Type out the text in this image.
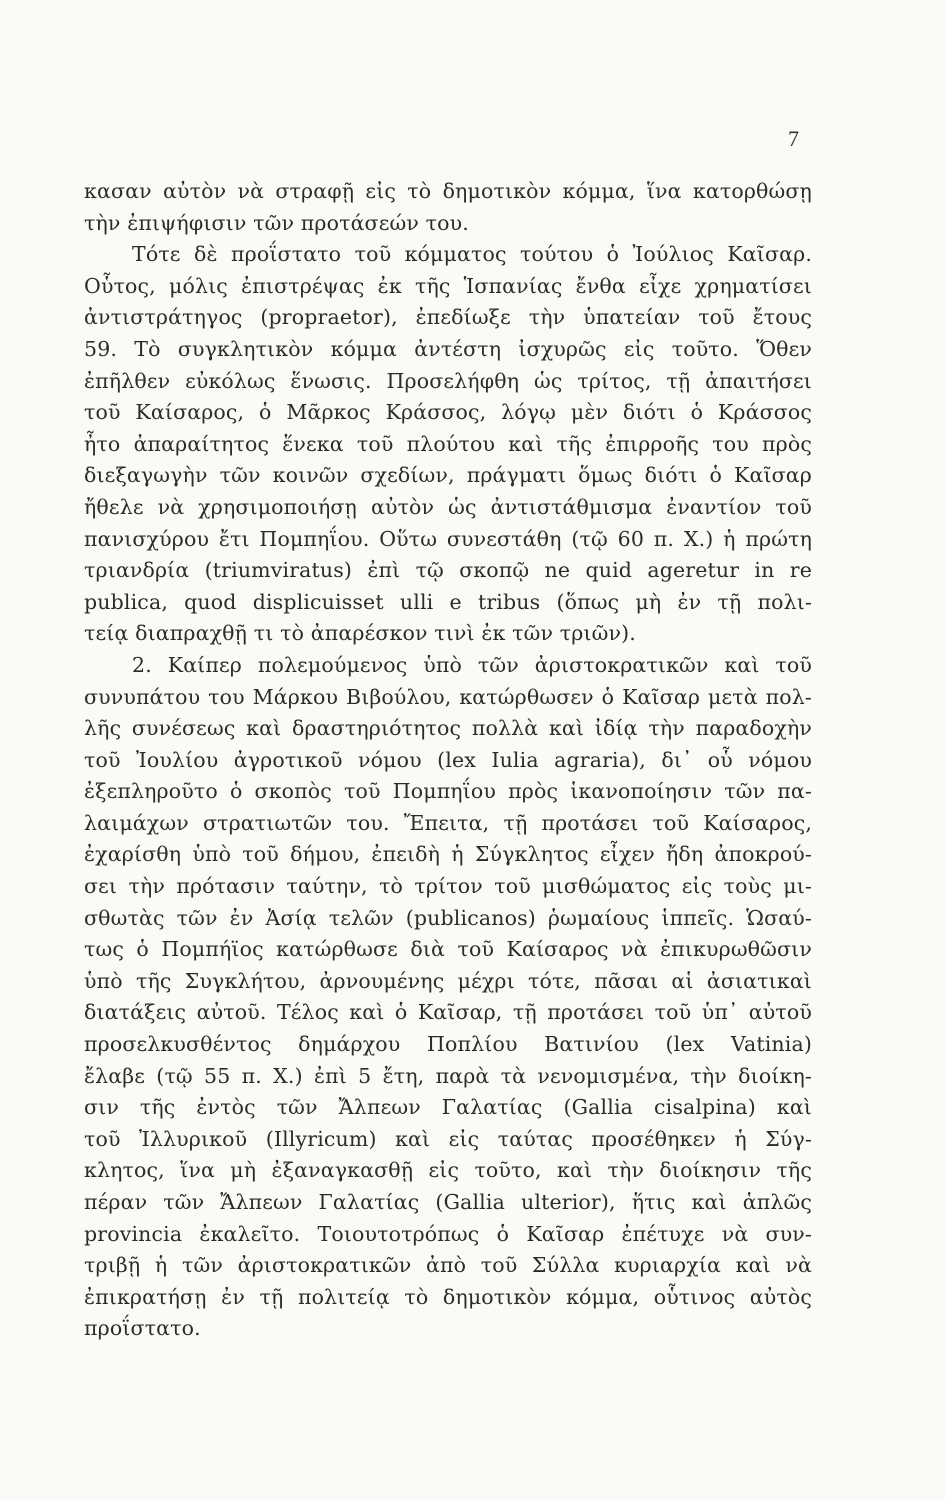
7
κασαν αὐτὸν νὰ στραφῇ εἰς τὸ δημοτικὸν κόμμα, ἵνα κατορθώσῃ
τὴν ἐπιψήφισιν τῶν προτάσεών του.
Τότε δὲ προΐστατο τοῦ κόμματος τούτου ὁ Ἰούλιος Καῖσαρ.
Οὗτος, μόλις ἐπιστρέψας ἐκ τῆς Ἱσπανίας ἔνθα εἶχε χρηματίσει
ἀντιστράτηγος (propraetor), ἐπεδίωξε τὴν ὑπατείαν τοῦ ἔτους
59. Τὸ συγκλητικὸν κόμμα ἀντέστη ἰσχυρῶς εἰς τοῦτο. Ὅθεν
ἐπῆλθεν εὐκόλως ἕνωσις. Προσελήφθη ὡς τρίτος, τῇ ἀπαιτήσει
τοῦ Καίσαρος, ὁ Μᾶρκος Κράσσος, λόγῳ μὲν διότι ὁ Κράσσος
ἦτο ἀπαραίτητος ἕνεκα τοῦ πλούτου καὶ τῆς ἐπιρροῆς του πρὸς
διεξαγωγὴν τῶν κοινῶν σχεδίων, πράγματι ὅμως διότι ὁ Καῖσαρ
ἤθελε νὰ χρησιμοποιήσῃ αὐτὸν ὡς ἀντιστάθμισμα ἐναντίον τοῦ
πανισχύρου ἔτι Πομπηΐου. Οὕτω συνεστάθη (τῷ 60 π. Χ.) ἡ πρώτη
τριανδρία (triumviratus) ἐπὶ τῷ σκοπῷ ne quid ageretur in re
publica, quod displicuisset ulli e tribus (ὅπως μὴ ἐν τῇ πολι-
τείᾳ διαπραχθῇ τι τὸ ἀπαρέσκον τινὶ ἐκ τῶν τριῶν).
2. Καίπερ πολεμούμενος ὑπὸ τῶν ἀριστοκρατικῶν καὶ τοῦ
συνυπάτου του Μάρκου Βιβούλου, κατώρθωσεν ὁ Καῖσαρ μετὰ πολ-
λῆς συνέσεως καὶ δραστηριότητος πολλὰ καὶ ἰδίᾳ τὴν παραδοχὴν
τοῦ Ἰουλίου ἀγροτικοῦ νόμου (lex Iulia agraria), δι᾽ οὗ νόμου
ἐξεπληροῦτο ὁ σκοπὸς τοῦ Πομπηΐου πρὸς ἱκανοποίησιν τῶν πα-
λαιμάχων στρατιωτῶν του. Ἔπειτα, τῇ προτάσει τοῦ Καίσαρος,
ἐχαρίσθη ὑπὸ τοῦ δήμου, ἐπειδὴ ἡ Σύγκλητος εἶχεν ἤδη ἀποκρού-
σει τὴν πρότασιν ταύτην, τὸ τρίτον τοῦ μισθώματος εἰς τοὺς μι-
σθωτὰς τῶν ἐν Ἀσίᾳ τελῶν (publicanos) ῥωμαίους ἱππεῖς. Ὡσαύ-
τως ὁ Πομπήϊος κατώρθωσε διὰ τοῦ Καίσαρος νὰ ἐπικυρωθῶσιν
ὑπὸ τῆς Συγκλήτου, ἀρνουμένης μέχρι τότε, πᾶσαι αἱ ἀσιατικαὶ
διατάξεις αὐτοῦ. Τέλος καὶ ὁ Καῖσαρ, τῇ προτάσει τοῦ ὑπ᾽ αὐτοῦ
προσελκυσθέντος δημάρχου Ποπλίου Βατινίου (lex Vatinia)
ἔλαβε (τῷ 55 π. Χ.) ἐπὶ 5 ἔτη, παρὰ τὰ νενομισμένα, τὴν διοίκη-
σιν τῆς ἐντὸς τῶν Ἄλπεων Γαλατίας (Gallia cisalpina) καὶ
τοῦ Ἰλλυρικοῦ (Illyricum) καὶ εἰς ταύτας προσέθηκεν ἡ Σύγ-
κλητος, ἵνα μὴ ἐξαναγκασθῇ εἰς τοῦτο, καὶ τὴν διοίκησιν τῆς
πέραν τῶν Ἄλπεων Γαλατίας (Gallia ulterior), ἥτις καὶ ἁπλῶς
provincia ἐκαλεῖτο. Τοιουτοτρόπως ὁ Καῖσαρ ἐπέτυχε νὰ συν-
τριβῇ ἡ τῶν ἀριστοκρατικῶν ἀπὸ τοῦ Σύλλα κυριαρχία καὶ νὰ
ἐπικρατήσῃ ἐν τῇ πολιτείᾳ τὸ δημοτικὸν κόμμα, οὗτινος αὐτὸς
προΐστατο.
